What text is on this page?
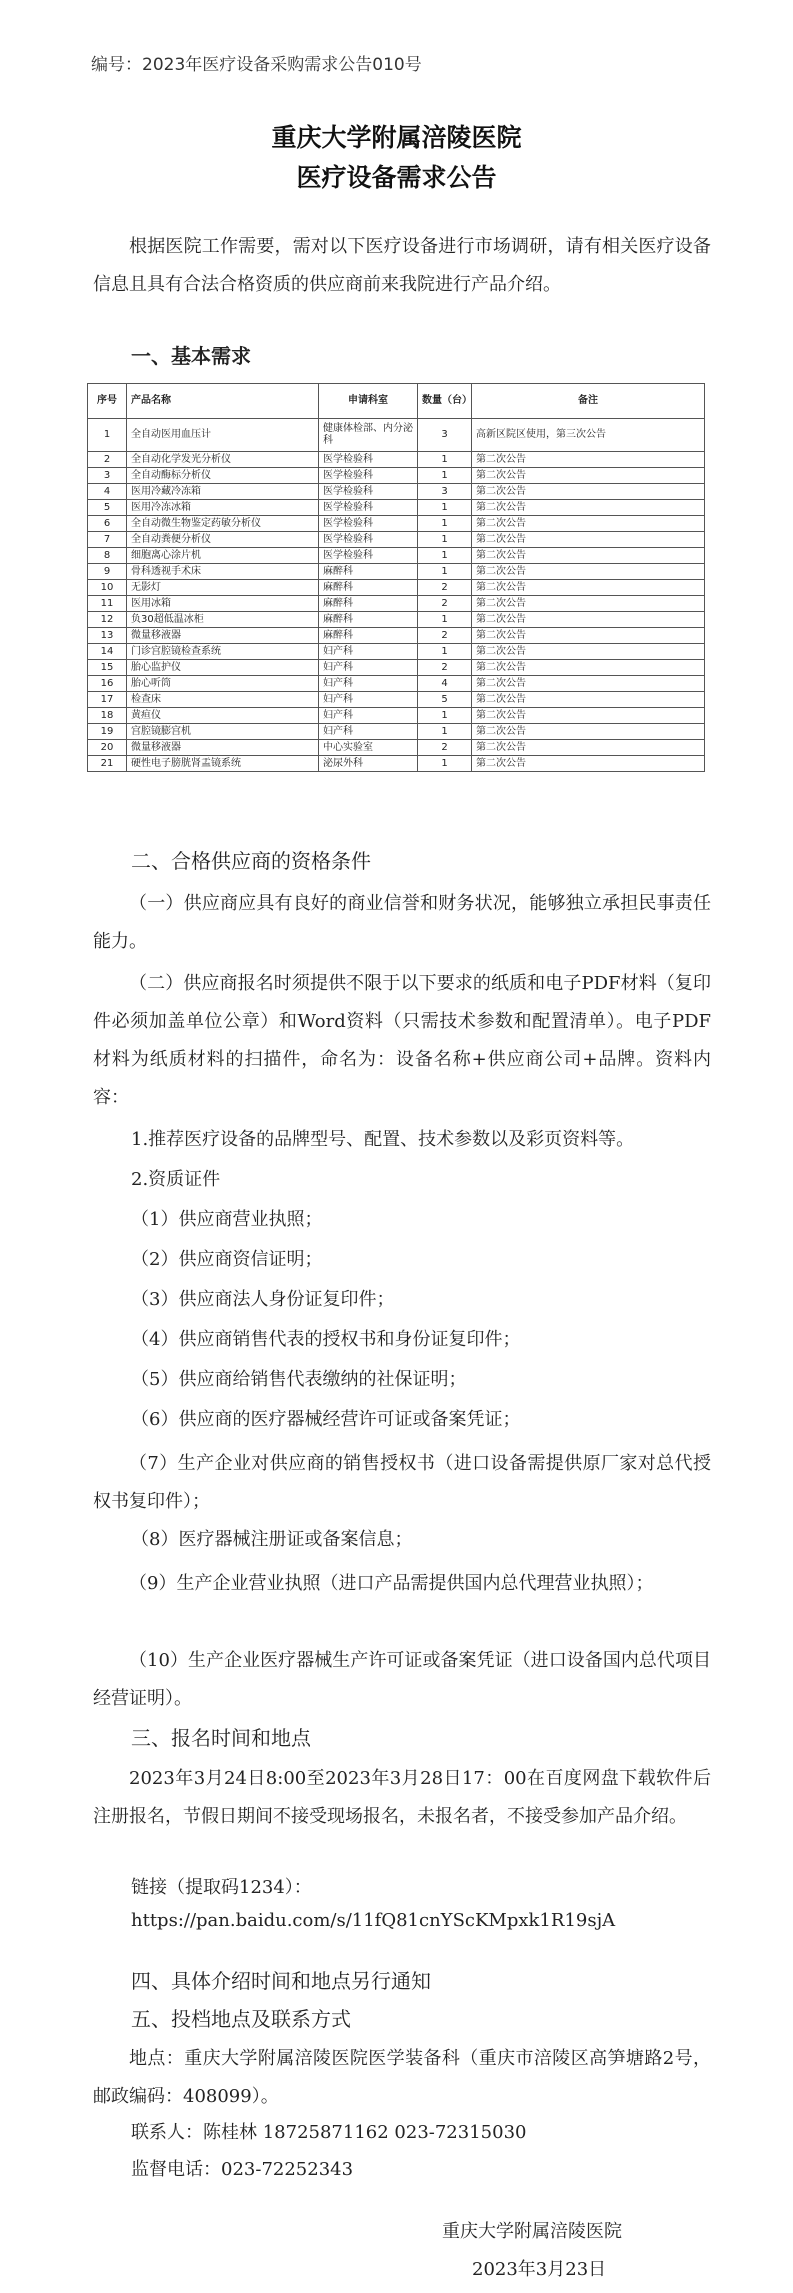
编号：2023年医疗设备采购需求公告010号
重庆大学附属涪陵医院
医疗设备需求公告
根据医院工作需要，需对以下医疗设备进行市场调研，请有相关医疗设备信息且具有合法合格资质的供应商前来我院进行产品介绍。
一、基本需求
序号	产品名称	申请科室	数量（台）	备注
1	全自动医用血压计	健康体检部、内分泌科	3	高新区院区使用，第三次公告
2	全自动化学发光分析仪	医学检验科	1	第二次公告
3	全自动酶标分析仪	医学检验科	1	第二次公告
4	医用冷藏冷冻箱	医学检验科	3	第二次公告
5	医用冷冻冰箱	医学检验科	1	第二次公告
6	全自动微生物鉴定药敏分析仪	医学检验科	1	第二次公告
7	全自动粪便分析仪	医学检验科	1	第二次公告
8	细胞离心涂片机	医学检验科	1	第二次公告
9	骨科透视手术床	麻醉科	1	第二次公告
10	无影灯	麻醉科	2	第二次公告
11	医用冰箱	麻醉科	2	第二次公告
12	负30超低温冰柜	麻醉科	1	第二次公告
13	微量移液器	麻醉科	2	第二次公告
14	门诊宫腔镜检查系统	妇产科	1	第二次公告
15	胎心监护仪	妇产科	2	第二次公告
16	胎心听筒	妇产科	4	第二次公告
17	检查床	妇产科	5	第二次公告
18	黄疸仪	妇产科	1	第二次公告
19	宫腔镜膨宫机	妇产科	1	第二次公告
20	微量移液器	中心实验室	2	第二次公告
21	硬性电子膀胱肾盂镜系统	泌尿外科	1	第二次公告
二、合格供应商的资格条件
（一）供应商应具有良好的商业信誉和财务状况，能够独立承担民事责任能力。
（二）供应商报名时须提供不限于以下要求的纸质和电子PDF材料（复印件必须加盖单位公章）和Word资料（只需技术参数和配置清单）。电子PDF材料为纸质材料的扫描件，命名为：设备名称+供应商公司+品牌。资料内容：
1.推荐医疗设备的品牌型号、配置、技术参数以及彩页资料等。
2.资质证件
（1）供应商营业执照；
（2）供应商资信证明；
（3）供应商法人身份证复印件；
（4）供应商销售代表的授权书和身份证复印件；
（5）供应商给销售代表缴纳的社保证明；
（6）供应商的医疗器械经营许可证或备案凭证；
（7）生产企业对供应商的销售授权书（进口设备需提供原厂家对总代授权书复印件）；
（8）医疗器械注册证或备案信息；
（9）生产企业营业执照（进口产品需提供国内总代理营业执照）；
（10）生产企业医疗器械生产许可证或备案凭证（进口设备国内总代项目经营证明）。
三、报名时间和地点
2023年3月24日8:00至2023年3月28日17：00在百度网盘下载软件后注册报名，节假日期间不接受现场报名，未报名者，不接受参加产品介绍。
链接（提取码1234）：
https://pan.baidu.com/s/11fQ81cnYScKMpxk1R19sjA
四、具体介绍时间和地点另行通知
五、投档地点及联系方式
地点：重庆大学附属涪陵医院医学装备科（重庆市涪陵区高笋塘路2号，邮政编码：408099）。
联系人：陈桂林 18725871162 023-72315030
监督电话：023-72252343
重庆大学附属涪陵医院
2023年3月23日
